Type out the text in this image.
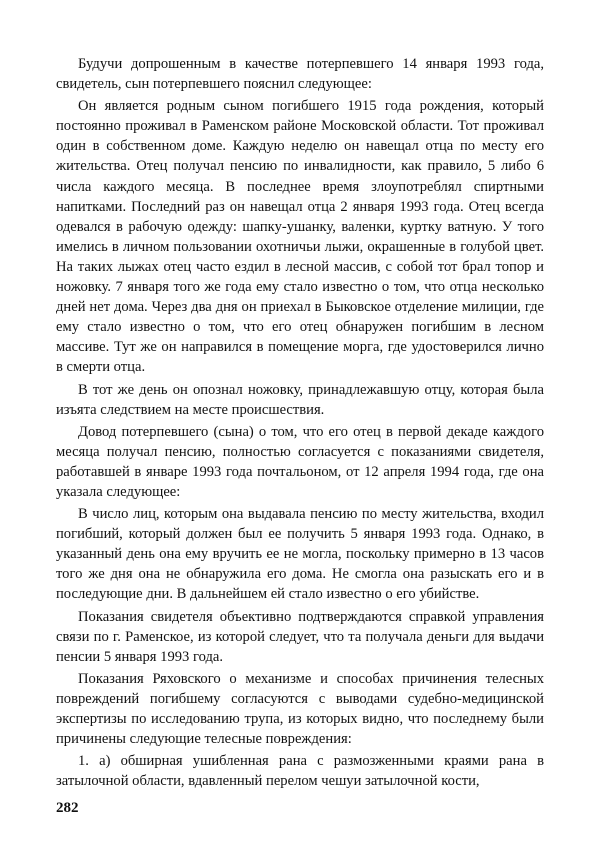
Будучи допрошенным в качестве потерпевшего 14 января 1993 года, свидетель, сын потерпевшего пояснил следующее:

Он является родным сыном погибшего 1915 года рождения, который постоянно проживал в Раменском районе Московской области. Тот проживал один в собственном доме. Каждую неделю он навещал отца по месту его жительства. Отец получал пенсию по инвалидности, как правило, 5 либо 6 числа каждого месяца. В последнее время злоупотреблял спиртными напитками. Последний раз он навещал отца 2 января 1993 года. Отец всегда одевался в рабочую одежду: шапку-ушанку, валенки, куртку ватную. У того имелись в личном пользовании охотничьи лыжи, окрашенные в голубой цвет. На таких лыжах отец часто ездил в лесной массив, с собой тот брал топор и ножовку. 7 января того же года ему стало известно о том, что отца несколько дней нет дома. Через два дня он приехал в Быковское отделение милиции, где ему стало известно о том, что его отец обнаружен погибшим в лесном массиве. Тут же он направился в помещение морга, где удостоверился лично в смерти отца.

В тот же день он опознал ножовку, принадлежавшую отцу, которая была изъята следствием на месте происшествия.

Довод потерпевшего (сына) о том, что его отец в первой декаде каждого месяца получал пенсию, полностью согласуется с показаниями свидетеля, работавшей в январе 1993 года почтальоном, от 12 апреля 1994 года, где она указала следующее:

В число лиц, которым она выдавала пенсию по месту жительства, входил погибший, который должен был ее получить 5 января 1993 года. Однако, в указанный день она ему вручить ее не могла, поскольку примерно в 13 часов того же дня она не обнаружила его дома. Не смогла она разыскать его и в последующие дни. В дальнейшем ей стало известно о его убийстве.

Показания свидетеля объективно подтверждаются справкой управления связи по г. Раменское, из которой следует, что та получала деньги для выдачи пенсии 5 января 1993 года.

Показания Ряховского о механизме и способах причинения телесных повреждений погибшему согласуются с выводами судебно-медицинской экспертизы по исследованию трупа, из которых видно, что последнему были причинены следующие телесные повреждения:

1. а) обширная ушибленная рана с размозженными краями рана в затылочной области, вдавленный перелом чешуи затылочной кости,

282
